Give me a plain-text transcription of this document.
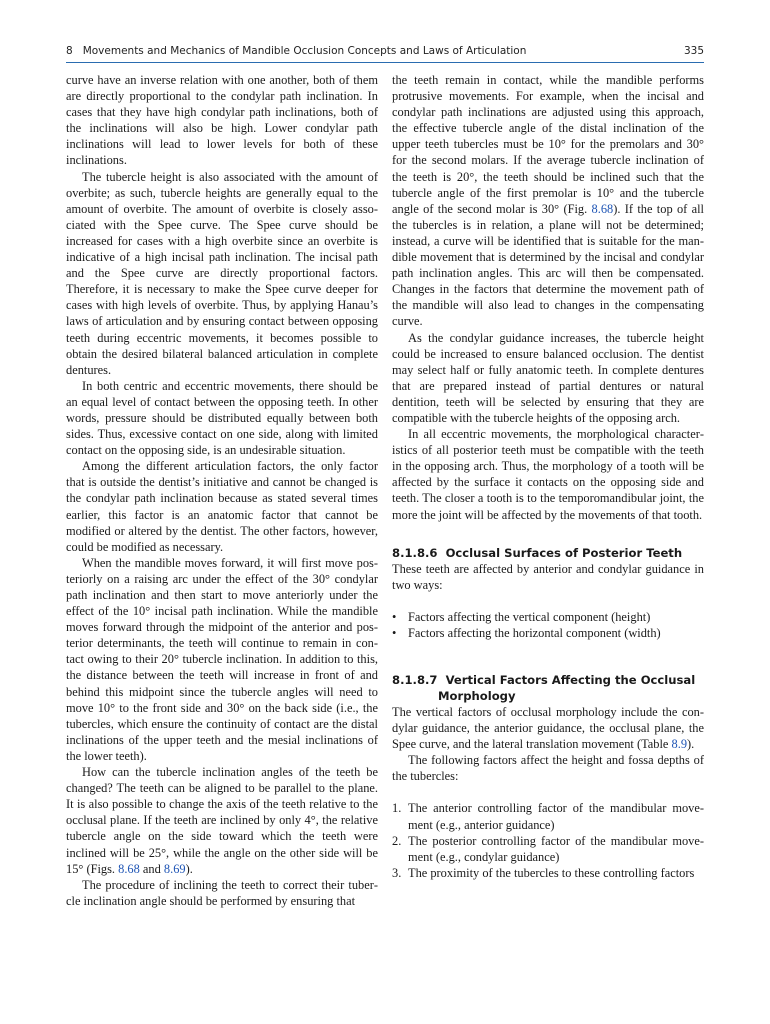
8   Movements and Mechanics of Mandible Occlusion Concepts and Laws of Articulation	335

curve have an inverse relation with one another, both of them are directly proportional to the condylar path inclination. In cases that they have high condylar path inclinations, both of the inclinations will also be high. Lower condylar path inclinations will lead to lower levels for both of these inclinations.

The tubercle height is also associated with the amount of overbite; as such, tubercle heights are generally equal to the amount of overbite. The amount of overbite is closely associated with the Spee curve. The Spee curve should be increased for cases with a high overbite since an overbite is indicative of a high incisal path inclination. The incisal path and the Spee curve are directly proportional factors. Therefore, it is necessary to make the Spee curve deeper for cases with high levels of overbite. Thus, by applying Hanau’s laws of articulation and by ensuring contact between opposing teeth during eccentric movements, it becomes possible to obtain the desired bilateral balanced articulation in complete dentures.

In both centric and eccentric movements, there should be an equal level of contact between the opposing teeth. In other words, pressure should be distributed equally between both sides. Thus, excessive contact on one side, along with limited contact on the opposing side, is an undesirable situation.

Among the different articulation factors, the only factor that is outside the dentist’s initiative and cannot be changed is the condylar path inclination because as stated several times earlier, this factor is an anatomic factor that cannot be modified or altered by the dentist. The other factors, however, could be modified as necessary.

When the mandible moves forward, it will first move posteriorly on a raising arc under the effect of the 30° condylar path inclination and then start to move anteriorly under the effect of the 10° incisal path inclination. While the mandible moves forward through the midpoint of the anterior and posterior determinants, the teeth will continue to remain in contact owing to their 20° tubercle inclination. In addition to this, the distance between the teeth will increase in front of and behind this midpoint since the tubercle angles will need to move 10° to the front side and 30° on the back side (i.e., the tubercles, which ensure the continuity of contact are the distal inclinations of the upper teeth and the mesial inclinations of the lower teeth).

How can the tubercle inclination angles of the teeth be changed? The teeth can be aligned to be parallel to the plane. It is also possible to change the axis of the teeth relative to the occlusal plane. If the teeth are inclined by only 4°, the relative tubercle angle on the side toward which the teeth were inclined will be 25°, while the angle on the other side will be 15° (Figs. 8.68 and 8.69).

The procedure of inclining the teeth to correct their tubercle inclination angle should be performed by ensuring that

the teeth remain in contact, while the mandible performs protrusive movements. For example, when the incisal and condylar path inclinations are adjusted using this approach, the effective tubercle angle of the distal inclination of the upper teeth tubercles must be 10° for the premolars and 30° for the second molars. If the average tubercle inclination of the teeth is 20°, the teeth should be inclined such that the tubercle angle of the first premolar is 10° and the tubercle angle of the second molar is 30° (Fig. 8.68). If the top of all the tubercles is in relation, a plane will not be determined; instead, a curve will be identified that is suitable for the mandible movement that is determined by the incisal and condylar path inclination angles. This arc will then be compensated. Changes in the factors that determine the movement path of the mandible will also lead to changes in the compensating curve.

As the condylar guidance increases, the tubercle height could be increased to ensure balanced occlusion. The dentist may select half or fully anatomic teeth. In complete dentures that are prepared instead of partial dentures or natural dentition, teeth will be selected by ensuring that they are compatible with the tubercle heights of the opposing arch.

In all eccentric movements, the morphological characteristics of all posterior teeth must be compatible with the teeth in the opposing arch. Thus, the morphology of a tooth will be affected by the surface it contacts on the opposing side and teeth. The closer a tooth is to the temporomandibular joint, the more the joint will be affected by the movements of that tooth.

8.1.8.6 Occlusal Surfaces of Posterior Teeth

These teeth are affected by anterior and condylar guidance in two ways:

• Factors affecting the vertical component (height)
• Factors affecting the horizontal component (width)
8.1.8.7 Vertical Factors Affecting the Occlusal Morphology

The vertical factors of occlusal morphology include the condylar guidance, the anterior guidance, the occlusal plane, the Spee curve, and the lateral translation movement (Table 8.9).

The following factors affect the height and fossa depths of the tubercles:

1. The anterior controlling factor of the mandibular movement (e.g., anterior guidance)
2. The posterior controlling factor of the mandibular movement (e.g., condylar guidance)
3. The proximity of the tubercles to these controlling factors
